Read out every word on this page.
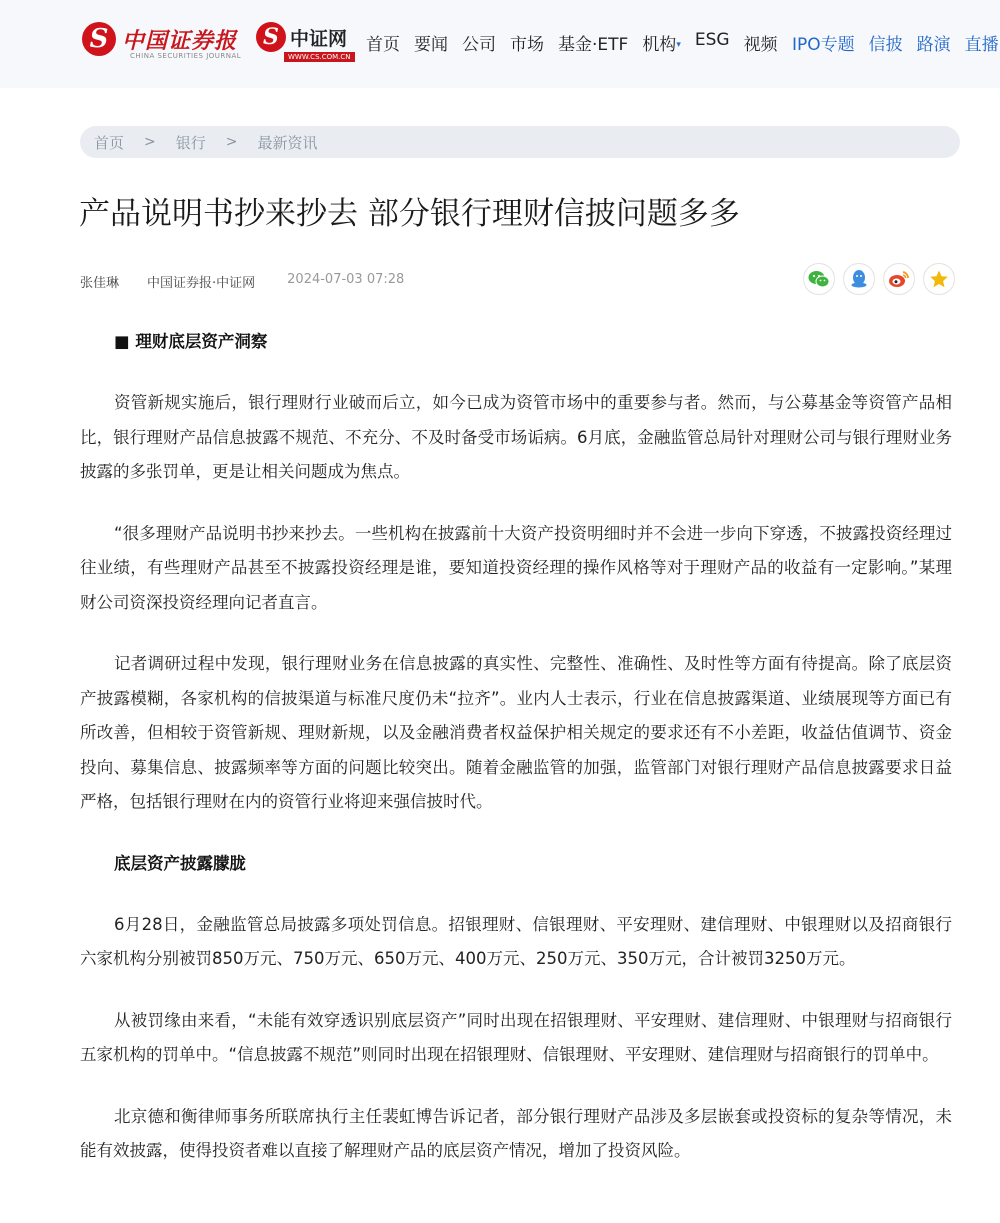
S 中国证券报
CHINA SECURITIES JOURNAL
S 中证网
WWW.CS.COM.CN
首页 要闻 公司 市场 基金·ETF 机构▾ ESG 视频 IPO专题 信披 路演 直播
首页 > 银行 > 最新资讯
产品说明书抄来抄去 部分银行理财信披问题多多
张佳琳 中国证券报·中证网 2024-07-03 07:28
■ 理财底层资产洞察

资管新规实施后，银行理财行业破而后立，如今已成为资管市场中的重要参与者。然而，与公募基金等资管产品相比，银行理财产品信息披露不规范、不充分、不及时备受市场诟病。6月底，金融监管总局针对理财公司与银行理财业务披露的多张罚单，更是让相关问题成为焦点。

“很多理财产品说明书抄来抄去。一些机构在披露前十大资产投资明细时并不会进一步向下穿透，不披露投资经理过往业绩，有些理财产品甚至不披露投资经理是谁，要知道投资经理的操作风格等对于理财产品的收益有一定影响。”某理财公司资深投资经理向记者直言。

记者调研过程中发现，银行理财业务在信息披露的真实性、完整性、准确性、及时性等方面有待提高。除了底层资产披露模糊，各家机构的信披渠道与标准尺度仍未“拉齐”。业内人士表示，行业在信息披露渠道、业绩展现等方面已有所改善，但相较于资管新规、理财新规，以及金融消费者权益保护相关规定的要求还有不小差距，收益估值调节、资金投向、募集信息、披露频率等方面的问题比较突出。随着金融监管的加强，监管部门对银行理财产品信息披露要求日益严格，包括银行理财在内的资管行业将迎来强信披时代。

底层资产披露朦胧

6月28日，金融监管总局披露多项处罚信息。招银理财、信银理财、平安理财、建信理财、中银理财以及招商银行六家机构分别被罚850万元、750万元、650万元、400万元、250万元、350万元，合计被罚3250万元。

从被罚缘由来看，“未能有效穿透识别底层资产”同时出现在招银理财、平安理财、建信理财、中银理财与招商银行五家机构的罚单中。“信息披露不规范”则同时出现在招银理财、信银理财、平安理财、建信理财与招商银行的罚单中。

北京德和衡律师事务所联席执行主任裴虹博告诉记者，部分银行理财产品涉及多层嵌套或投资标的复杂等情况，未能有效披露，使得投资者难以直接了解理财产品的底层资产情况，增加了投资风险。
